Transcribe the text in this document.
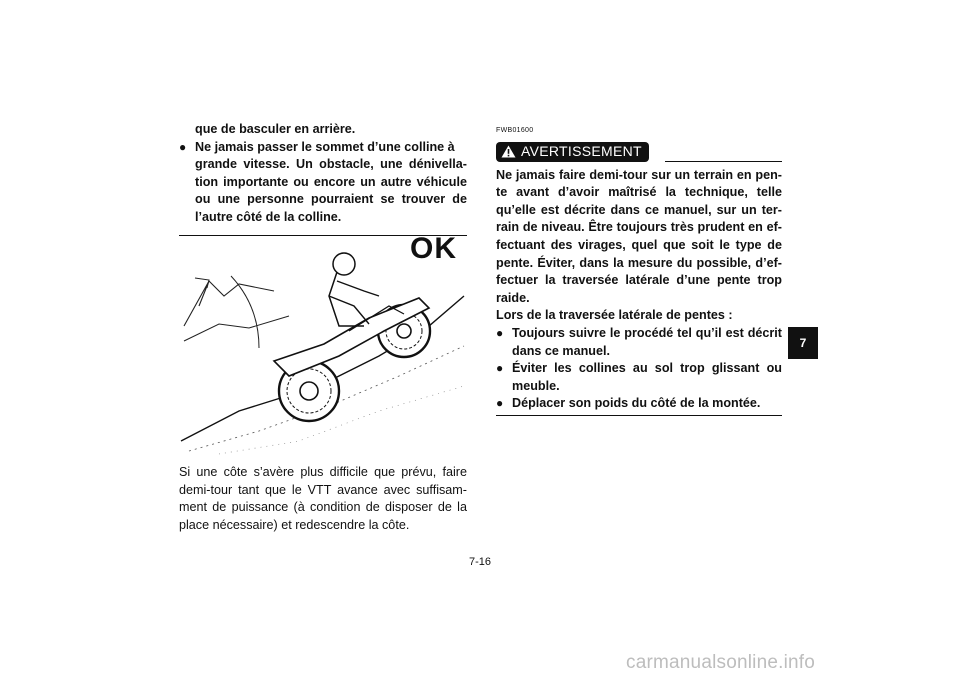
que de basculer en arrière.
● Ne jamais passer le sommet d’une colline à
grande vitesse. Un obstacle, une dénivella-tion importante ou encore un autre véhicule ou une personne pourraient se trouver de l’autre côté de la colline.
OK
Si une côte s’avère plus difficile que prévu, faire demi-tour tant que le VTT avance avec suffisam-ment de puissance (à condition de disposer de la place nécessaire) et redescendre la côte.
FWB01600
AVERTISSEMENT

Ne jamais faire demi-tour sur un terrain en pen-te avant d’avoir maîtrisé la technique, telle qu’elle est décrite dans ce manuel, sur un ter-rain de niveau. Être toujours très prudent en ef-fectuant des virages, quel que soit le type de pente. Éviter, dans la mesure du possible, d’ef-fectuer la traversée latérale d’une pente trop raide.

Lors de la traversée latérale de pentes :

● Toujours suivre le procédé tel qu’il est décrit dans ce manuel.
● Éviter les collines au sol trop glissant ou meuble.
● Déplacer son poids du côté de la montée.
7
7-16
carmanualsonline.info
